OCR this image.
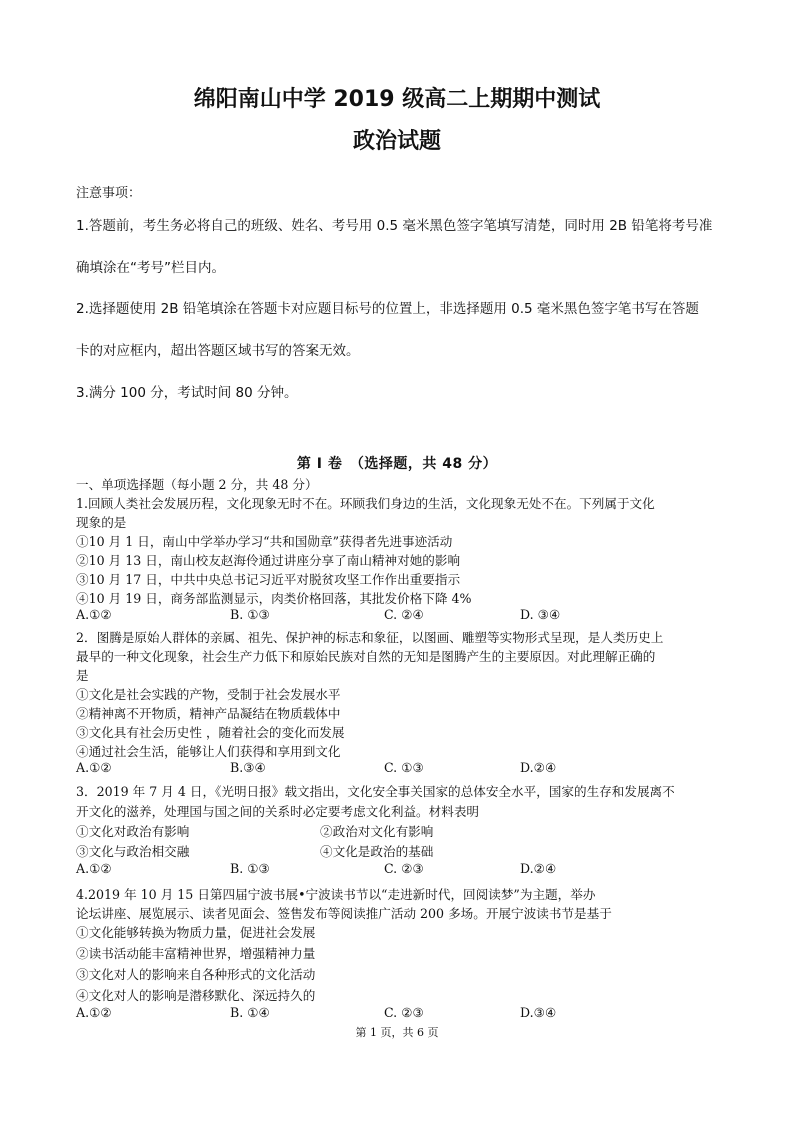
绵阳南山中学 2019 级高二上期期中测试
政治试题
注意事项：
1.答题前，考生务必将自己的班级、姓名、考号用 0.5 毫米黑色签字笔填写清楚，同时用 2B 铅笔将考号准
确填涂在“考号”栏目内。
2.选择题使用 2B 铅笔填涂在答题卡对应题目标号的位置上，非选择题用 0.5 毫米黑色签字笔书写在答题
卡的对应框内，超出答题区域书写的答案无效。
3.满分 100 分，考试时间 80 分钟。
第 Ⅰ 卷　（选择题，共 48 分）
一、单项选择题（每小题 2 分，共 48 分）
1.回顾人类社会发展历程，文化现象无时不在。环顾我们身边的生活，文化现象无处不在。下列属于文化
现象的是
①10 月 1 日，南山中学举办学习“共和国勋章”获得者先进事迹活动
②10 月 13 日，南山校友赵海伶通过讲座分享了南山精神对她的影响
③10 月 17 日，中共中央总书记习近平对脱贫攻坚工作作出重要指示
④10 月 19 日，商务部监测显示，肉类价格回落，其批发价格下降 4%
A.①②	B. ①③	C. ②④	D. ③④
2．图腾是原始人群体的亲属、祖先、保护神的标志和象征，以图画、雕塑等实物形式呈现，是人类历史上
最早的一种文化现象，社会生产力低下和原始民族对自然的无知是图腾产生的主要原因。对此理解正确的
是
①文化是社会实践的产物，受制于社会发展水平
②精神离不开物质，精神产品凝结在物质载体中
③文化具有社会历史性 ，随着社会的变化而发展
④通过社会生活，能够让人们获得和享用到文化
A.①②	B.③④	C. ①③	D.②④
3．2019 年 7 月 4 日，《光明日报》载文指出，文化安全事关国家的总体安全水平，国家的生存和发展离不
开文化的滋养，处理国与国之间的关系时必定要考虑文化利益。材料表明
①文化对政治有影响	②政治对文化有影响
③文化与政治相交融	④文化是政治的基础
A.①②	B. ①③	C. ②③	D.②④
4.2019 年 10 月 15 日第四届宁波书展•宁波读书节以“走进新时代，回阅读梦”为主题，举办
论坛讲座、展览展示、读者见面会、签售发布等阅读推广活动 200 多场。开展宁波读书节是基于
①文化能够转换为物质力量，促进社会发展
②读书活动能丰富精神世界，增强精神力量
③文化对人的影响来自各种形式的文化活动
④文化对人的影响是潜移默化、深远持久的
A.①②	B. ①④	C. ②③	D.③④
第 1 页，共 6 页
